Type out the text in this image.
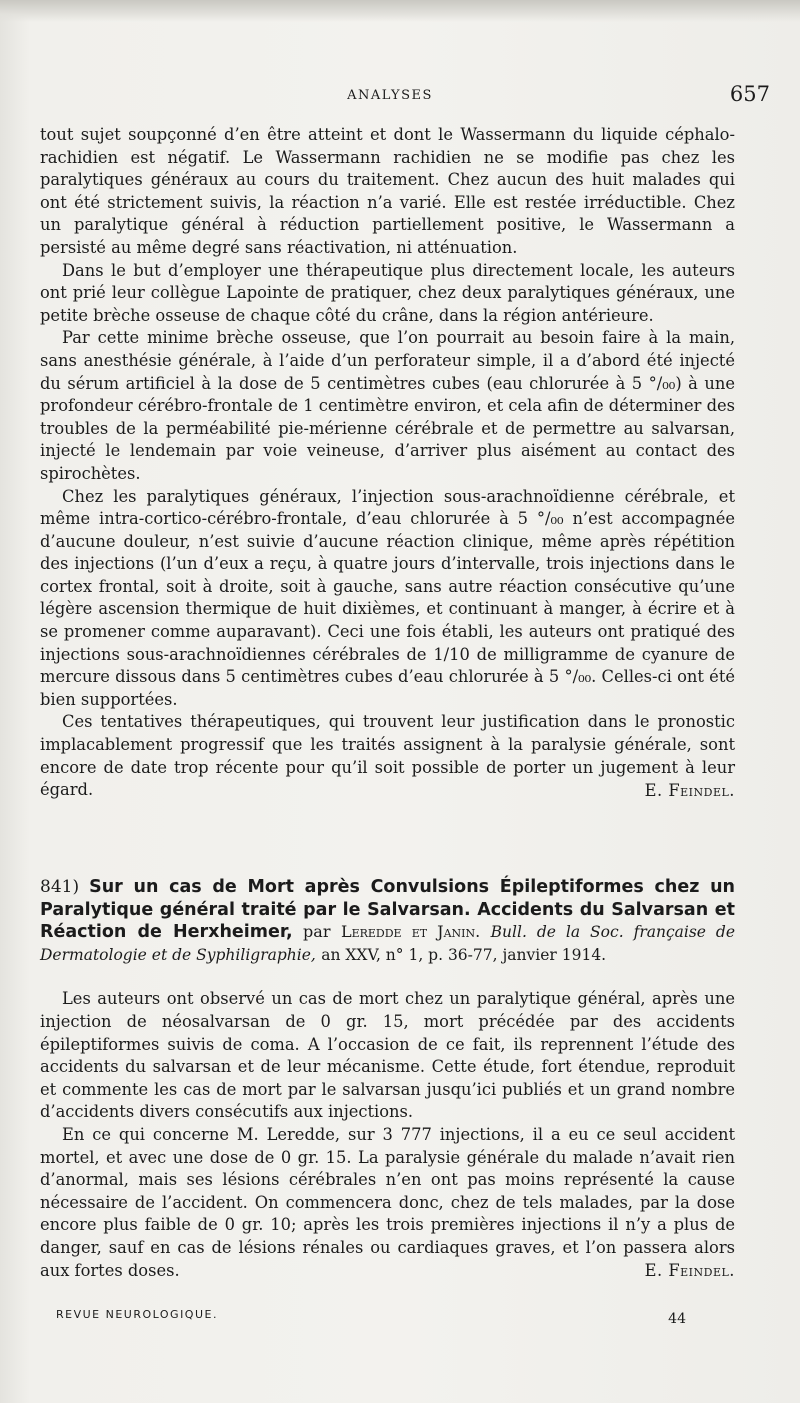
ANALYSES	657

tout sujet soupçonné d’en être atteint et dont le Wassermann du liquide céphalo-rachidien est négatif. Le Wassermann rachidien ne se modifie pas chez les paralytiques généraux au cours du traitement. Chez aucun des huit malades qui ont été strictement suivis, la réaction n’a varié. Elle est restée irréductible. Chez un paralytique général à réduction partiellement positive, le Wassermann a persisté au même degré sans réactivation, ni atténuation.

Dans le but d’employer une thérapeutique plus directement locale, les auteurs ont prié leur collègue Lapointe de pratiquer, chez deux paralytiques généraux, une petite brèche osseuse de chaque côté du crâne, dans la région antérieure.

Par cette minime brèche osseuse, que l’on pourrait au besoin faire à la main, sans anesthésie générale, à l’aide d’un perforateur simple, il a d’abord été injecté du sérum artificiel à la dose de 5 centimètres cubes (eau chlorurée à 5 °/₀₀) à une profondeur cérébro-frontale de 1 centimètre environ, et cela afin de déterminer des troubles de la perméabilité pie-mérienne cérébrale et de permettre au salvarsan, injecté le lendemain par voie veineuse, d’arriver plus aisément au contact des spirochètes.

Chez les paralytiques généraux, l’injection sous-arachnoïdienne cérébrale, et même intra-cortico-cérébro-frontale, d’eau chlorurée à 5 °/₀₀ n’est accompagnée d’aucune douleur, n’est suivie d’aucune réaction clinique, même après répétition des injections (l’un d’eux a reçu, à quatre jours d’intervalle, trois injections dans le cortex frontal, soit à droite, soit à gauche, sans autre réaction consécutive qu’une légère ascension thermique de huit dixièmes, et continuant à manger, à écrire et à se promener comme auparavant). Ceci une fois établi, les auteurs ont pratiqué des injections sous-arachnoïdiennes cérébrales de 1/10 de milligramme de cyanure de mercure dissous dans 5 centimètres cubes d’eau chlorurée à 5 °/₀₀. Celles-ci ont été bien supportées.

Ces tentatives thérapeutiques, qui trouvent leur justification dans le pronostic implacablement progressif que les traités assignent à la paralysie générale, sont encore de date trop récente pour qu’il soit possible de porter un jugement à leur égard.	E. Feindel.

841) Sur un cas de Mort après Convulsions Épileptiformes chez un Paralytique général traité par le Salvarsan. Accidents du Salvarsan et Réaction de Herxheimer, par Leredde et Janin. Bull. de la Soc. française de Dermatologie et de Syphiligraphie, an XXV, n° 1, p. 36-77, janvier 1914.

Les auteurs ont observé un cas de mort chez un paralytique général, après une injection de néosalvarsan de 0 gr. 15, mort précédée par des accidents épileptiformes suivis de coma. A l’occasion de ce fait, ils reprennent l’étude des accidents du salvarsan et de leur mécanisme. Cette étude, fort étendue, reproduit et commente les cas de mort par le salvarsan jusqu’ici publiés et un grand nombre d’accidents divers consécutifs aux injections.

En ce qui concerne M. Leredde, sur 3 777 injections, il a eu ce seul accident mortel, et avec une dose de 0 gr. 15. La paralysie générale du malade n’avait rien d’anormal, mais ses lésions cérébrales n’en ont pas moins représenté la cause nécessaire de l’accident. On commencera donc, chez de tels malades, par la dose encore plus faible de 0 gr. 10; après les trois premières injections il n’y a plus de danger, sauf en cas de lésions rénales ou cardiaques graves, et l’on passera alors aux fortes doses.	E. Feindel.
REVUE NEUROLOGIQUE.	44
